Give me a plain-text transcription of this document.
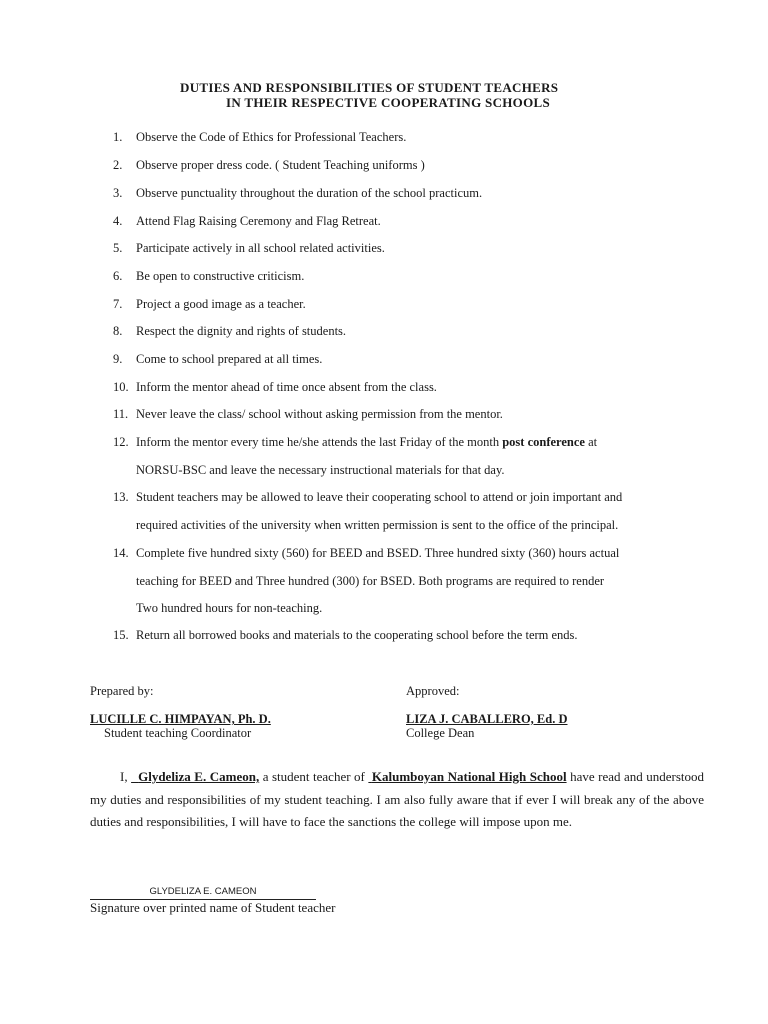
DUTIES AND RESPONSIBILITIES OF STUDENT TEACHERS
IN THEIR RESPECTIVE COOPERATING SCHOOLS
1. Observe the Code of Ethics for Professional Teachers.
2. Observe proper dress code. ( Student Teaching uniforms )
3. Observe punctuality throughout the duration of the school practicum.
4. Attend Flag Raising Ceremony and Flag Retreat.
5. Participate actively in all school related activities.
6. Be open to constructive criticism.
7. Project a good image as a teacher.
8. Respect the dignity and rights of students.
9. Come to school prepared at all times.
10. Inform the mentor ahead of time once absent from the class.
11. Never leave the class/ school without asking permission from the mentor.
12. Inform the mentor every time he/she attends the last Friday of the month post conference at
NORSU-BSC and leave the necessary instructional materials for that day.
13. Student teachers may be allowed to leave their cooperating school to attend or join important and
required activities of the university when written permission is sent to the office of the principal.
14. Complete five hundred sixty (560) for BEED and BSED. Three hundred sixty (360) hours actual
teaching for BEED and Three hundred (300) for BSED. Both programs are required to render
Two hundred hours for non-teaching.
15. Return all borrowed books and materials to the cooperating school before the term ends.
Prepared by:
LUCILLE C. HIMPAYAN, Ph. D.
Student teaching Coordinator
Approved:
LIZA J. CABALLERO, Ed. D
College Dean
I, Glydeliza E. Cameon, a student teacher of Kalumboyan National High School have read and understood my duties and responsibilities of my student teaching. I am also fully aware that if ever I will break any of the above duties and responsibilities, I will have to face the sanctions the college will impose upon me.
GLYDELIZA E. CAMEON
Signature over printed name of Student teacher
